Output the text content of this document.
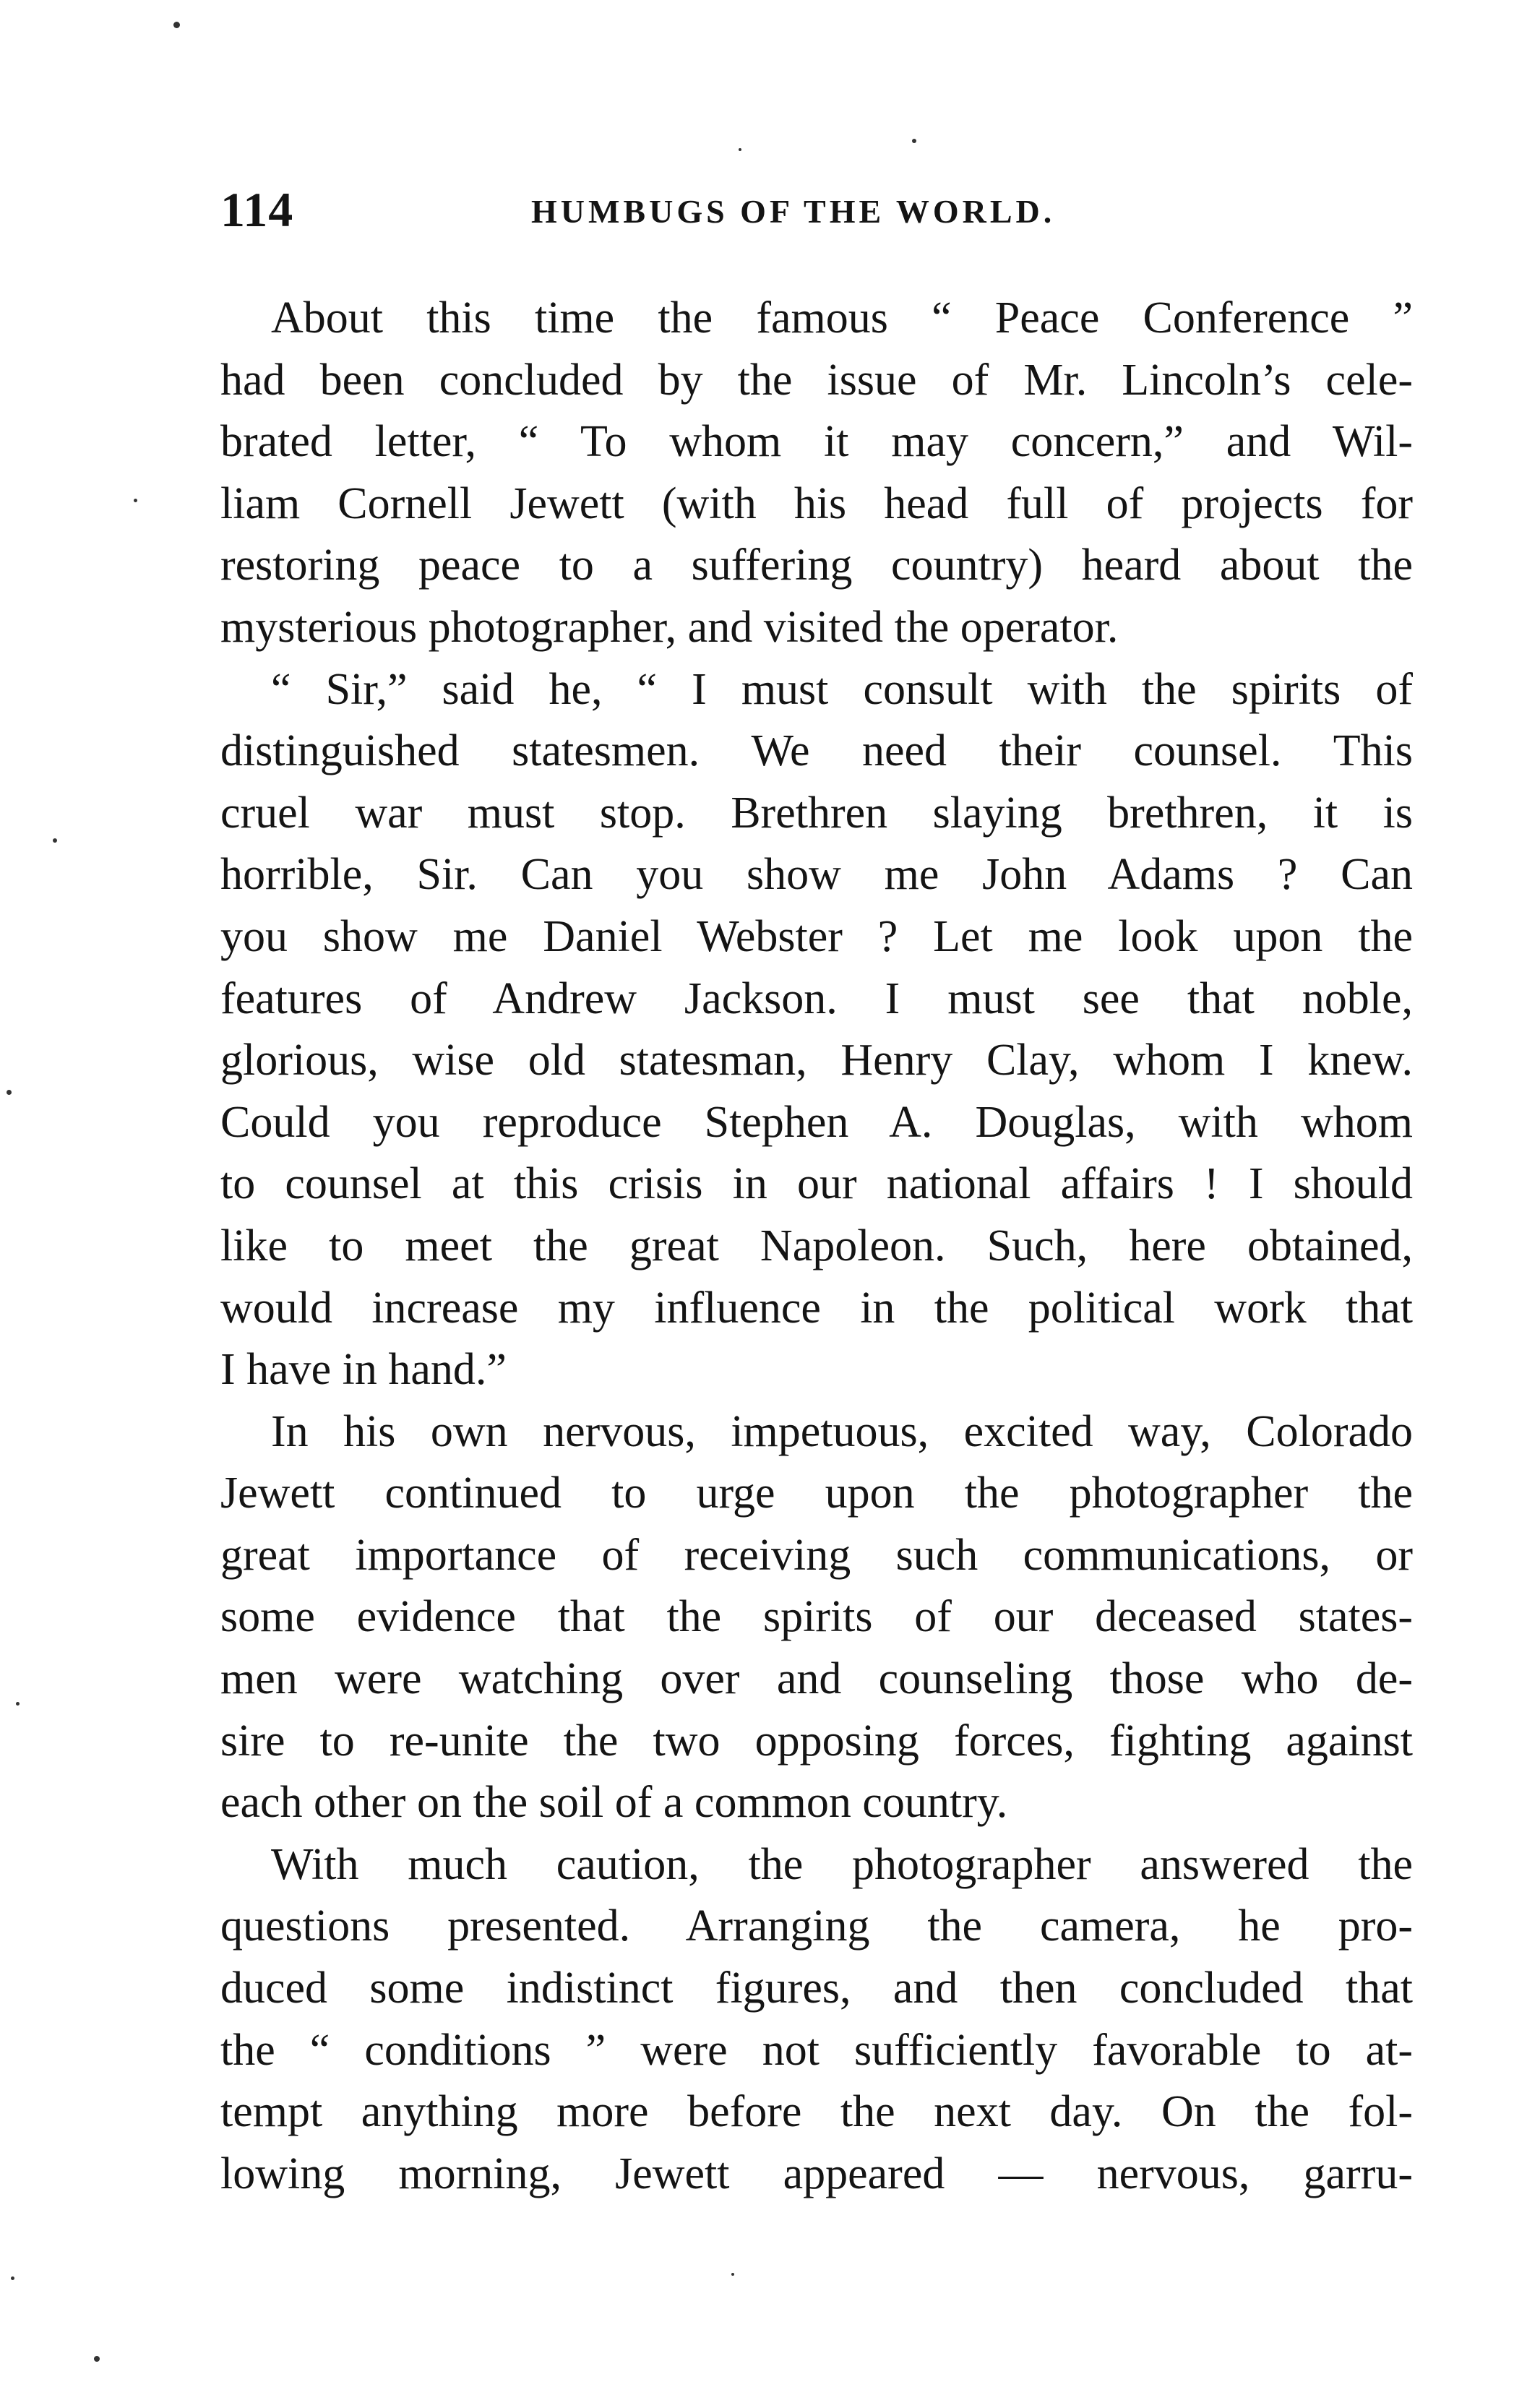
114	HUMBUGS OF THE WORLD.
About this time the famous “ Peace Conference ”
had been concluded by the issue of Mr. Lincoln’s cele-
brated letter, “ To whom it may concern,” and Wil-
liam Cornell Jewett (with his head full of projects for
restoring peace to a suffering country) heard about the
mysterious photographer, and visited the operator.
“ Sir,” said he, “ I must consult with the spirits of
distinguished statesmen. We need their counsel. This
cruel war must stop. Brethren slaying brethren, it is
horrible, Sir. Can you show me John Adams ? Can
you show me Daniel Webster ? Let me look upon the
features of Andrew Jackson. I must see that noble,
glorious, wise old statesman, Henry Clay, whom I knew.
Could you reproduce Stephen A. Douglas, with whom
to counsel at this crisis in our national affairs ! I should
like to meet the great Napoleon. Such, here obtained,
would increase my influence in the political work that
I have in hand.”
In his own nervous, impetuous, excited way, Colorado
Jewett continued to urge upon the photographer the
great importance of receiving such communications, or
some evidence that the spirits of our deceased states-
men were watching over and counseling those who de-
sire to re-unite the two opposing forces, fighting against
each other on the soil of a common country.
With much caution, the photographer answered the
questions presented. Arranging the camera, he pro-
duced some indistinct figures, and then concluded that
the “ conditions ” were not sufficiently favorable to at-
tempt anything more before the next day. On the fol-
lowing morning, Jewett appeared — nervous, garru-
